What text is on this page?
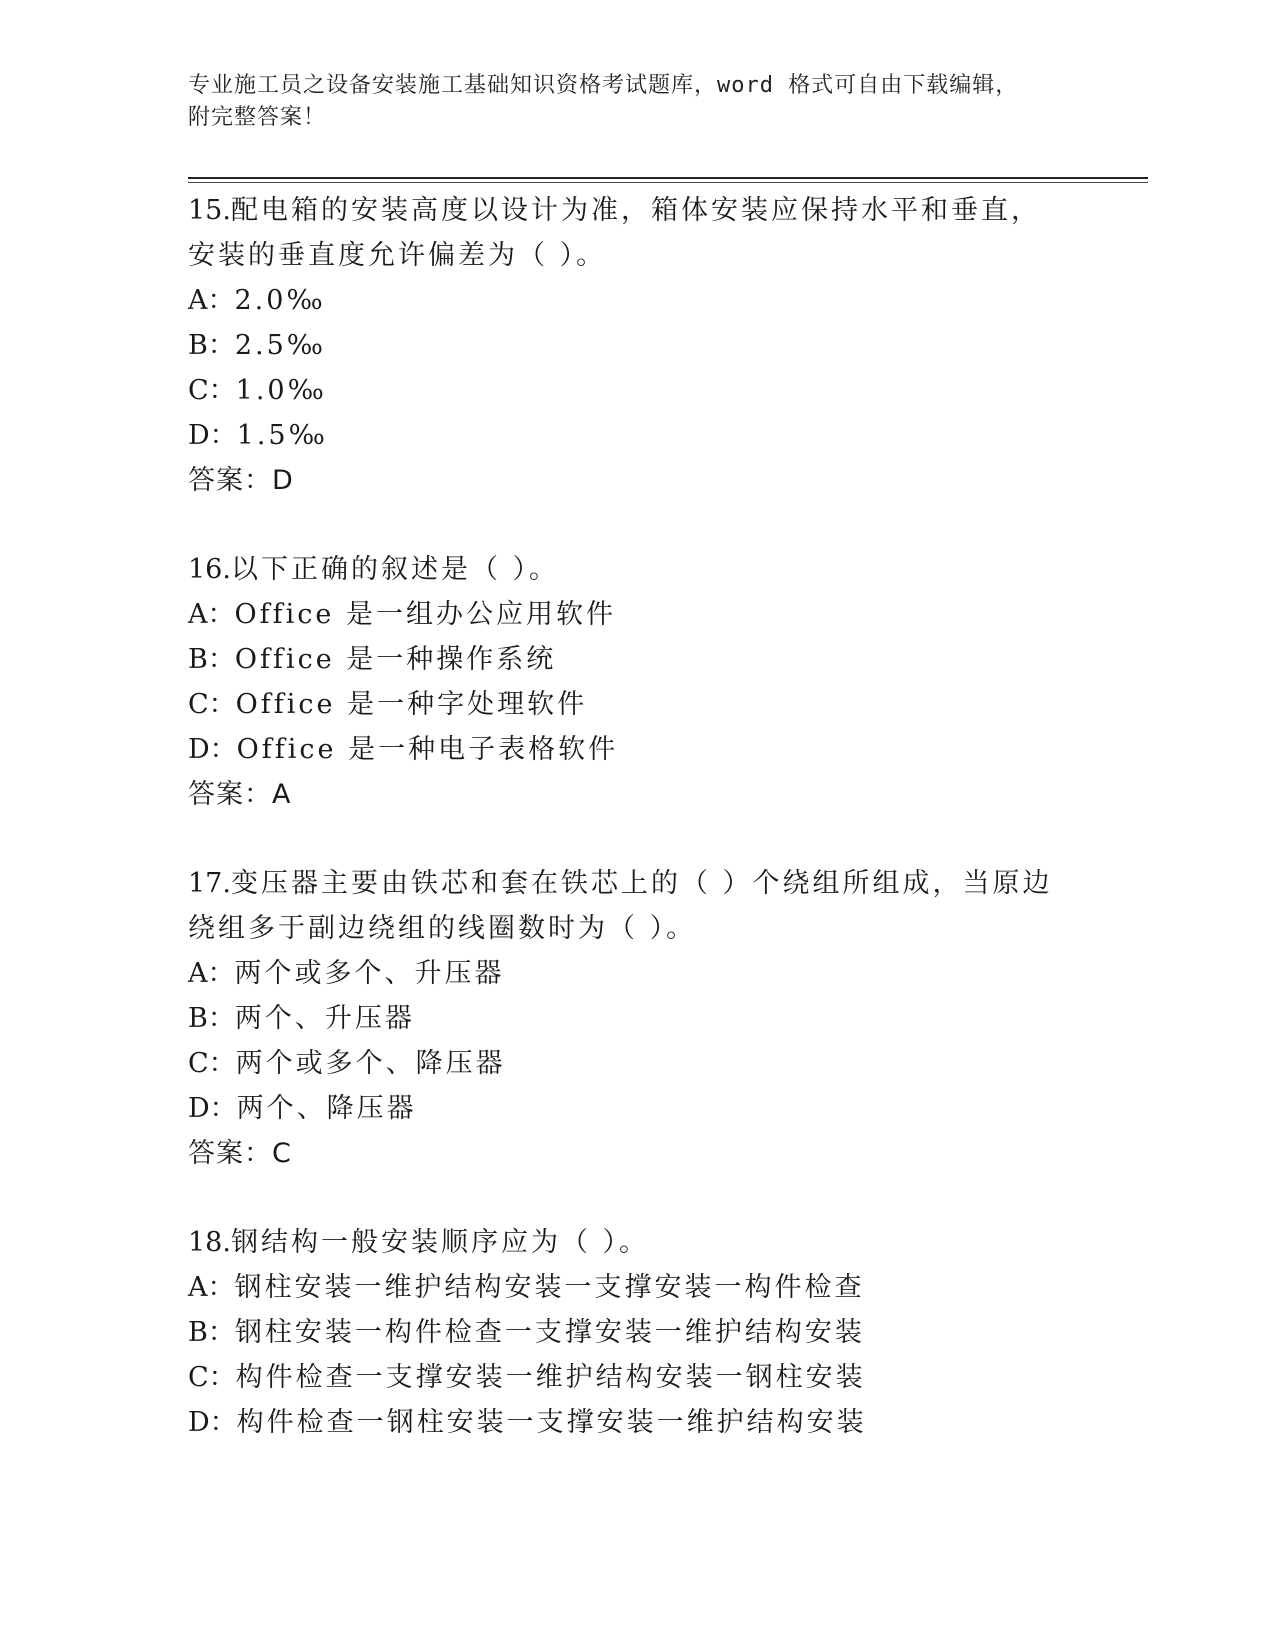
专业施工员之设备安装施工基础知识资格考试题库，word 格式可自由下载编辑，
附完整答案！
15.配电箱的安装高度以设计为准，箱体安装应保持水平和垂直，安装的垂直度允许偏差为（ ）。
A：2.0‰
B：2.5‰
C：1.0‰
D：1.5‰
答案：D
16.以下正确的叙述是（ ）。
A：Office 是一组办公应用软件
B：Office 是一种操作系统
C：Office 是一种字处理软件
D：Office 是一种电子表格软件
答案：A
17.变压器主要由铁芯和套在铁芯上的（ ）个绕组所组成，当原边绕组多于副边绕组的线圈数时为（ ）。
A：两个或多个、升压器
B：两个、升压器
C：两个或多个、降压器
D：两个、降压器
答案：C
18.钢结构一般安装顺序应为（ ）。
A：钢柱安装一维护结构安装一支撑安装一构件检查
B：钢柱安装一构件检查一支撑安装一维护结构安装
C：构件检查一支撑安装一维护结构安装一钢柱安装
D：构件检查一钢柱安装一支撑安装一维护结构安装
